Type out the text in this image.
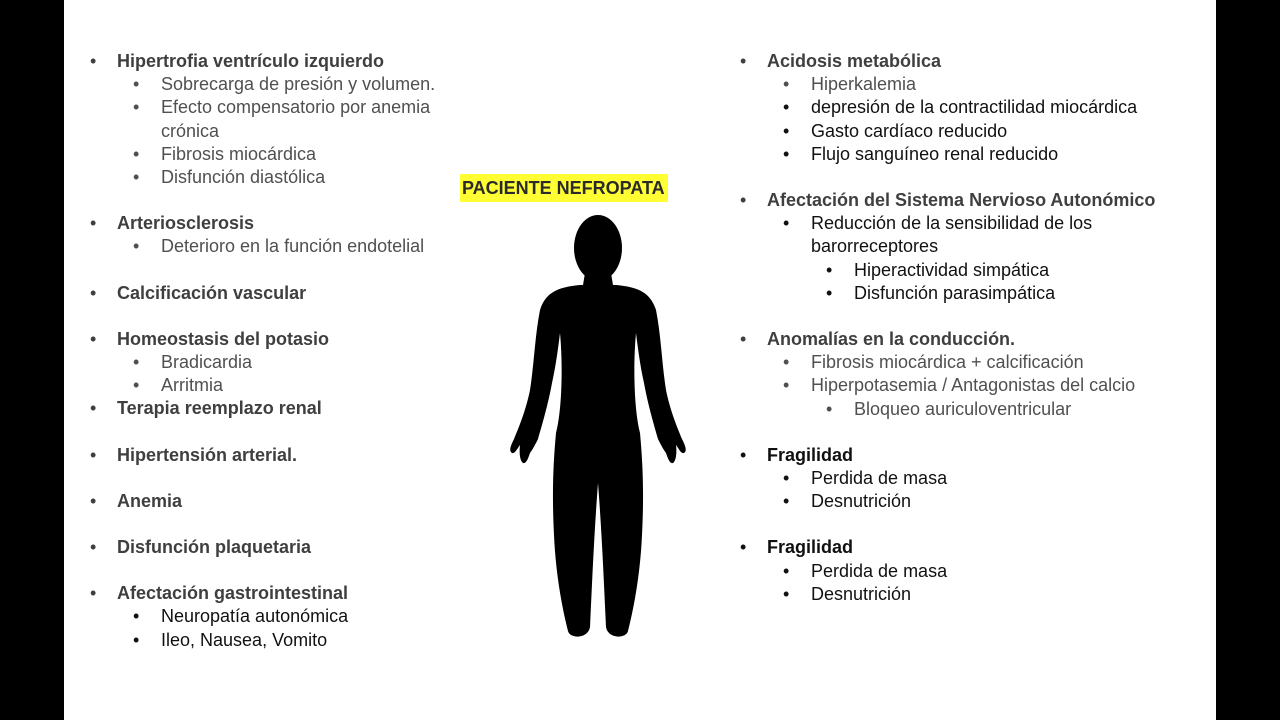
• Hipertrofia ventrículo izquierdo
• Sobrecarga de presión y volumen.
• Efecto compensatorio por anemia crónica
• Fibrosis miocárdica
• Disfunción diastólica
• Arteriosclerosis
• Deterioro en la función endotelial
• Calcificación vascular
• Homeostasis del potasio
• Bradicardia
• Arritmia
• Terapia reemplazo renal
• Hipertensión arterial.
• Anemia
• Disfunción plaquetaria
• Afectación gastrointestinal
• Neuropatía autonómica
• Ileo, Nausea, Vomito
PACIENTE NEFROPATA
• Acidosis metabólica
• Hiperkalemia
• depresión de la contractilidad miocárdica
• Gasto cardíaco reducido
• Flujo sanguíneo renal reducido
• Afectación del Sistema Nervioso Autonómico
• Reducción de la sensibilidad de los barorreceptores
• Hiperactividad simpática
• Disfunción parasimpática
• Anomalías en la conducción.
• Fibrosis miocárdica + calcificación
• Hiperpotasemia / Antagonistas del calcio
• Bloqueo auriculoventricular
• Fragilidad
• Perdida de masa
• Desnutrición
• Fragilidad
• Perdida de masa
• Desnutrición
